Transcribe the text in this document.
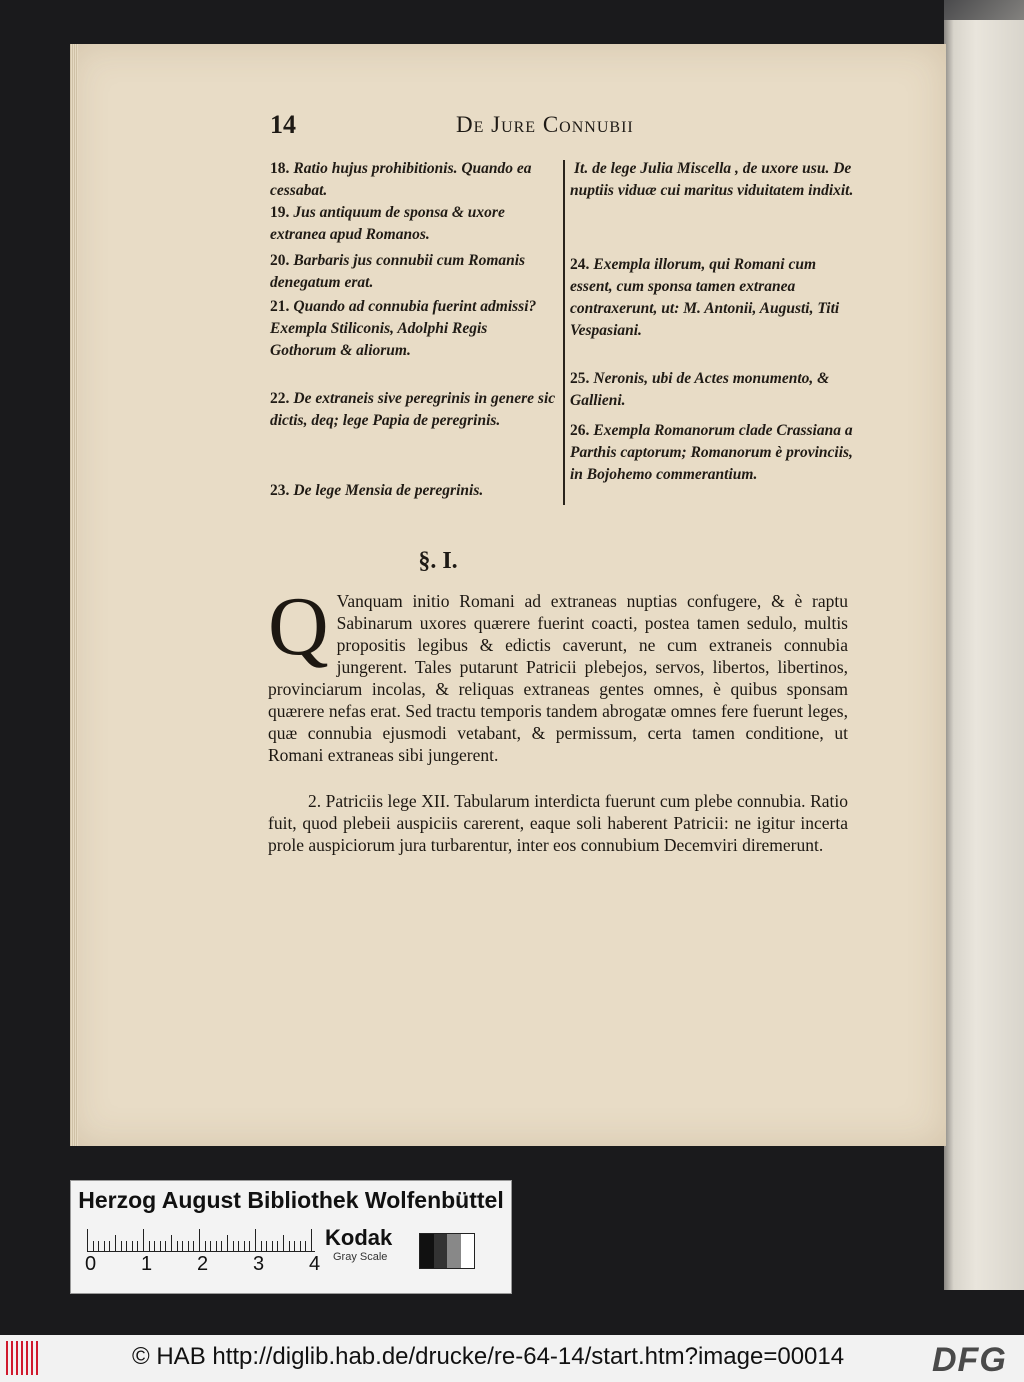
14	De Jure Connubii
18. Ratio hujus prohibitionis. Quando ea cessabat.
19. Jus antiquum de sponsa & uxore extranea apud Romanos.
20. Barbaris jus connubii cum Romanis denegatum erat.
21. Quando ad connubia fuerint admissi? Exempla Stiliconis, Adolphi Regis Gothorum & aliorum.
22. De extraneis sive peregrinis in genere sic dictis, deq; lege Papia de peregrinis.
23. De lege Mensia de peregrinis.
It. de lege Julia Miscella , de uxore usu. De nuptiis viduæ cui maritus viduitatem indixit.
24. Exempla illorum, qui Romani cum essent, cum sponsa tamen extranea contraxerunt, ut: M. Antonii, Augusti, Titi Vespasiani.
25. Neronis, ubi de Actes monumento, & Gallieni.
26. Exempla Romanorum clade Crassiana a Parthis captorum; Romanorum è provinciis, in Bojohemo commerantium.
§. I.

Q Vanquam initio Romani ad extraneas nuptias confugere, & è raptu Sabinarum uxores quærere fuerint coacti, postea tamen sedulo, multis propositis legibus & edictis caverunt, ne cum extraneis connubia jungerent. Tales putarunt Patricii plebejos, servos, libertos, libertinos, provinciarum incolas, & reliquas extraneas gentes omnes, è quibus sponsam quærere nefas erat. Sed tractu temporis tandem abrogatæ omnes fere fuerunt leges, quæ connubia ejusmodi vetabant, & permissum, certa tamen conditione, ut Romani extraneas sibi jungerent.

2. Patriciis lege XII. Tabularum interdicta fuerunt cum plebe connubia. Ratio fuit, quod plebeii auspiciis carerent, eaque soli haberent Patricii: ne igitur incerta prole auspiciorum jura turbarentur, inter eos connubium Decemviri diremerunt.

Herzog August Bibliothek Wolfenbüttel
0 1 2 3 4
Kodak
Gray Scale
© HAB http://diglib.hab.de/drucke/re-64-14/start.htm?image=00014	DFG
